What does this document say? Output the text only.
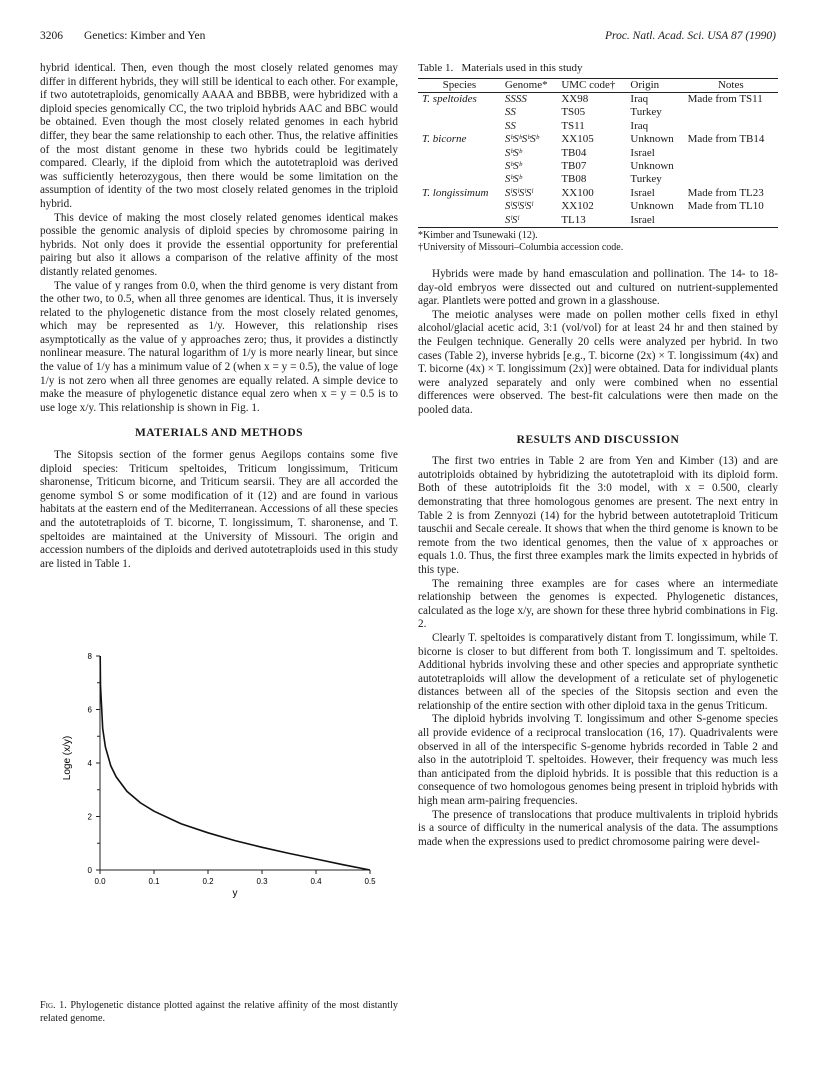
3206 Genetics: Kimber and Yen	Proc. Natl. Acad. Sci. USA 87 (1990)

hybrid identical. Then, even though the most closely related genomes may differ in different hybrids, they will still be identical to each other. For example, if two autotetraploids, genomically AAAA and BBBB, were hybridized with a diploid species genomically CC, the two triploid hybrids AAC and BBC would be obtained. Even though the most closely related genomes in each hybrid differ, they bear the same relationship to each other. Thus, the relative affinities of the most distant genome in these two hybrids could be legitimately compared. Clearly, if the diploid from which the autotetraploid was derived was sufficiently heterozygous, then there would be some limitation on the assumption of identity of the two most closely related genomes in the triploid hybrid.

This device of making the most closely related genomes identical makes possible the genomic analysis of diploid species by chromosome pairing in hybrids. Not only does it provide the essential opportunity for preferential pairing but also it allows a comparison of the relative affinity of the most distantly related genomes.

The value of y ranges from 0.0, when the third genome is very distant from the other two, to 0.5, when all three genomes are identical. Thus, it is inversely related to the phylogenetic distance from the most closely related genomes, which may be represented as 1/y. However, this relationship rises asymptotically as the value of y approaches zero; thus, it provides a distinctly nonlinear measure. The natural logarithm of 1/y is more nearly linear, but since the value of 1/y has a minimum value of 2 (when x = y = 0.5), the value of loge 1/y is not zero when all three genomes are equally related. A simple device to make the measure of phylogenetic distance equal zero when x = y = 0.5 is to use loge x/y. This relationship is shown in Fig. 1.

MATERIALS AND METHODS

The Sitopsis section of the former genus Aegilops contains some five diploid species: Triticum speltoides, Triticum longissimum, Triticum sharonense, Triticum bicorne, and Triticum searsii. They are all accorded the genome symbol S or some modification of it (12) and are found in various habitats at the eastern end of the Mediterranean. Accessions of all these species and the autotetraploids of T. bicorne, T. longissimum, T. sharonense, and T. speltoides are maintained at the University of Missouri. The origin and accession numbers of the diploids and derived autotetraploids used in this study are listed in Table 1.

Loge (x/y)
0.0	0.1	0.2	0.3	0.4	0.5
0
2
4
6
8
y
Fig. 1. Phylogenetic distance plotted against the relative affinity of the most distantly related genome.
Table 1.   Materials used in this study
Species	Genome*	UMC code†	Origin	Notes
T. speltoides	SSSS	XX98	Iraq	Made from TS11
	SS	TS05	Turkey	
	SS	TS11	Iraq	
T. bicorne	SᵇSᵇSᵇSᵇ	XX105	Unknown	Made from TB14
	SᵇSᵇ	TB04	Israel	
	SᵇSᵇ	TB07	Unknown	
	SᵇSᵇ	TB08	Turkey	
T. longissimum	SˡSˡSˡSˡ	XX100	Israel	Made from TL23
	SˡSˡSˡSˡ	XX102	Unknown	Made from TL10
	SˡSˡ	TL13	Israel	
*Kimber and Tsunewaki (12).
†University of Missouri–Columbia accession code.

Hybrids were made by hand emasculation and pollination. The 14- to 18-day-old embryos were dissected out and cultured on nutrient-supplemented agar. Plantlets were potted and grown in a glasshouse.

The meiotic analyses were made on pollen mother cells fixed in ethyl alcohol/glacial acetic acid, 3:1 (vol/vol) for at least 24 hr and then stained by the Feulgen technique. Generally 20 cells were analyzed per hybrid. In two cases (Table 2), inverse hybrids [e.g., T. bicorne (2x) × T. longissimum (4x) and T. bicorne (4x) × T. longissimum (2x)] were obtained. Data for individual plants were analyzed separately and only were combined when no essential differences were observed. The best-fit calculations were then made on the pooled data.

RESULTS AND DISCUSSION

The first two entries in Table 2 are from Yen and Kimber (13) and are autotriploids obtained by hybridizing the autotetraploid with its diploid form. Both of these autotriploids fit the 3:0 model, with x = 0.500, clearly demonstrating that three homologous genomes are present. The next entry in Table 2 is from Zennyozi (14) for the hybrid between autotetraploid Triticum tauschii and Secale cereale. It shows that when the third genome is known to be remote from the two identical genomes, then the value of x approaches or equals 1.0. Thus, the first three examples mark the limits expected in hybrids of this type.

The remaining three examples are for cases where an intermediate relationship between the genomes is expected. Phylogenetic distances, calculated as the loge x/y, are shown for these three hybrid combinations in Fig. 2.

Clearly T. speltoides is comparatively distant from T. longissimum, while T. bicorne is closer to but different from both T. longissimum and T. speltoides. Additional hybrids involving these and other species and appropriate synthetic autotetraploids will allow the development of a reticulate set of phylogenetic distances between all of the species of the Sitopsis section and even the relationship of the entire section with other diploid taxa in the genus Triticum.

The diploid hybrids involving T. longissimum and other S-genome species all provide evidence of a reciprocal translocation (16, 17). Quadrivalents were observed in all of the interspecific S-genome hybrids recorded in Table 2 and also in the autotriploid T. speltoides. However, their frequency was much less than anticipated from the diploid hybrids. It is possible that this reduction is a consequence of two homologous genomes being present in triploid hybrids with high mean arm-pairing frequencies.

The presence of translocations that produce multivalents in triploid hybrids is a source of difficulty in the numerical analysis of the data. The assumptions made when the expressions used to predict chromosome pairing were devel-
